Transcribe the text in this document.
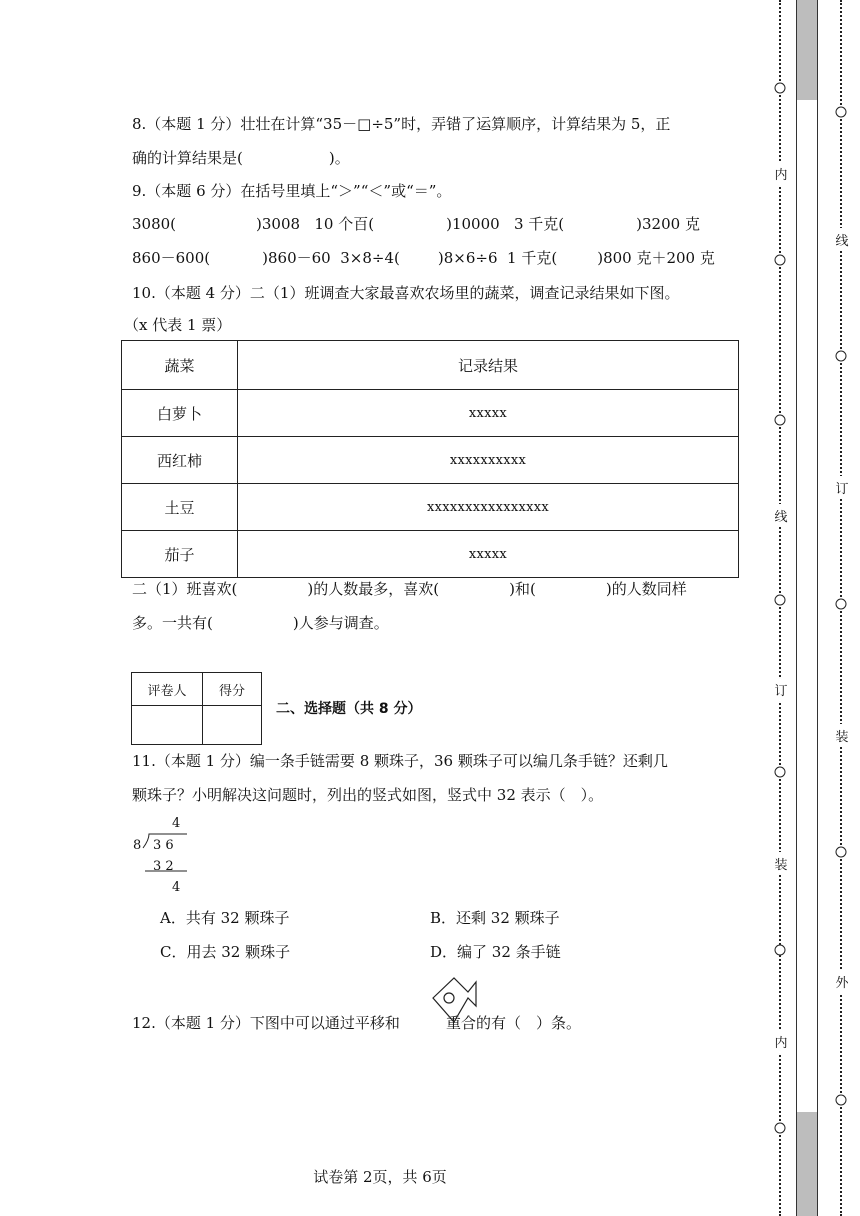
8.（本题 1 分）壮壮在计算“35－□÷5”时，弄错了运算顺序，计算结果为 5，正
确的计算结果是(	)。
9.（本题 6 分）在括号里填上“＞”“＜”或“＝”。
3080(	)3008 10 个百(	)10000 3 千克(	)3200 克
860－600(	)860－60 3×8÷4(	)8×6÷6 1 千克(	)800 克＋200 克
10.（本题 4 分）二（1）班调查大家最喜欢农场里的蔬菜，调查记录结果如下图。
（x 代表 1 票）
蔬菜	记录结果
白萝卜	xxxxx
西红柿	xxxxxxxxxx
土豆	xxxxxxxxxxxxxxxx
茄子	xxxxx
二（1）班喜欢(	)的人数最多，喜欢(	)和(	)的人数同样
多。一共有(	)人参与调查。
评卷人	得分

二、选择题（共 8 分）
11.（本题 1 分）编一条手链需要 8 颗珠子，36 颗珠子可以编几条手链？还剩几
颗珠子？小明解决这问题时，列出的竖式如图，竖式中 32 表示（　）。
4
8 3 6
3 2
4
A．共有 32 颗珠子	B．还剩 32 颗珠子
C．用去 32 颗珠子	D．编了 32 条手链
12.（本题 1 分）下图中可以通过平移和	重合的有（　）条。
试卷第 2页，共 6页
内
线
订
装
内
线
订
装
外
